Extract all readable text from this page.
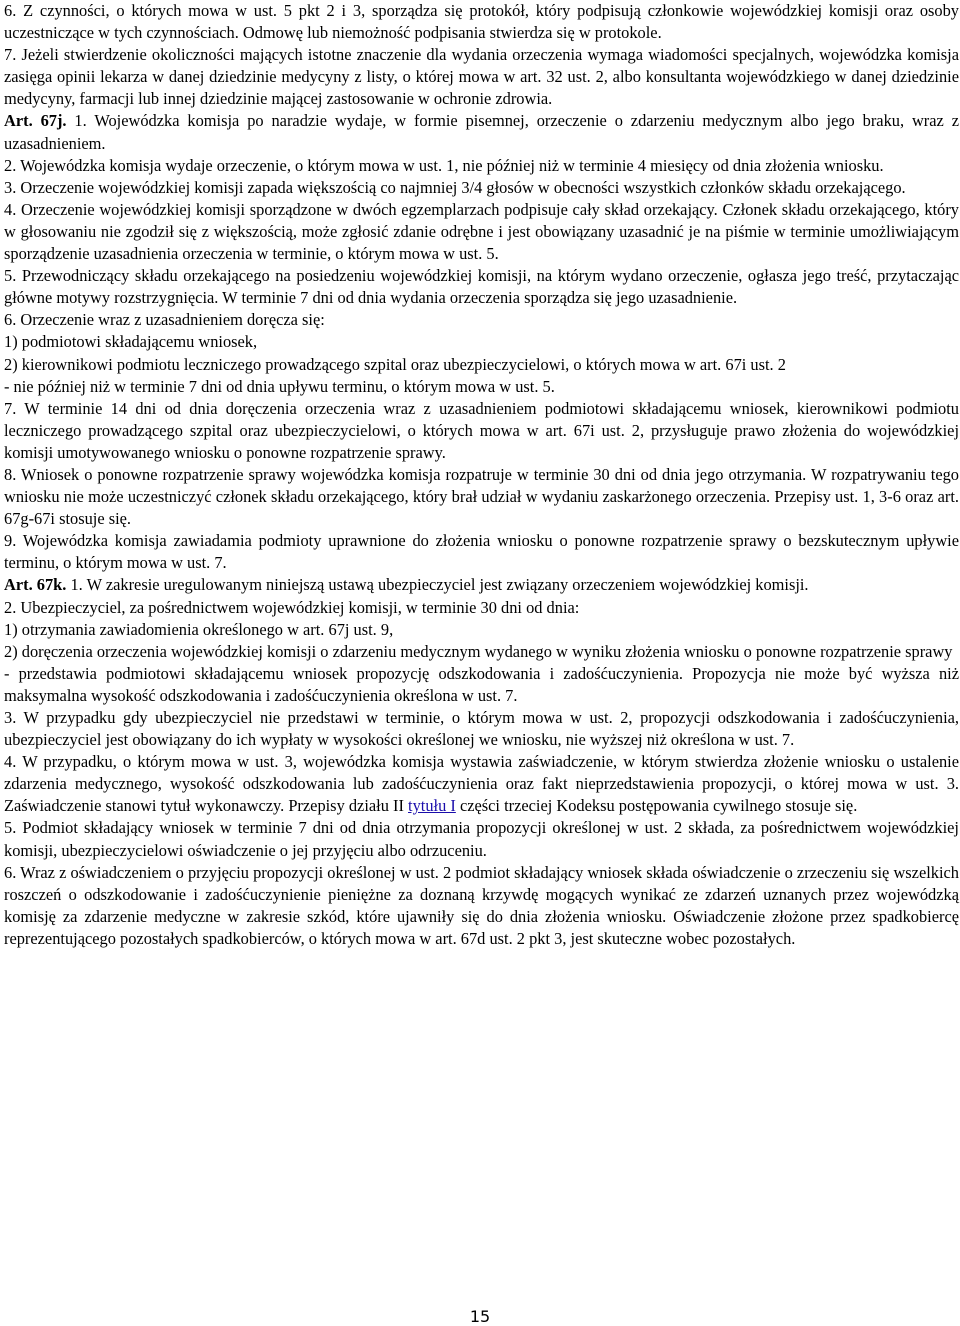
6. Z czynności, o których mowa w ust. 5 pkt 2 i 3, sporządza się protokół, który podpisują członkowie wojewódzkiej komisji oraz osoby uczestniczące w tych czynnościach. Odmowę lub niemożność podpisania stwierdza się w protokole.

7. Jeżeli stwierdzenie okoliczności mających istotne znaczenie dla wydania orzeczenia wymaga wiadomości specjalnych, wojewódzka komisja zasięga opinii lekarza w danej dziedzinie medycyny z listy, o której mowa w art. 32 ust. 2, albo konsultanta wojewódzkiego w danej dziedzinie medycyny, farmacji lub innej dziedzinie mającej zastosowanie w ochronie zdrowia.

Art. 67j. 1. Wojewódzka komisja po naradzie wydaje, w formie pisemnej, orzeczenie o zdarzeniu medycznym albo jego braku, wraz z uzasadnieniem.

2. Wojewódzka komisja wydaje orzeczenie, o którym mowa w ust. 1, nie później niż w terminie 4 miesięcy od dnia złożenia wniosku.

3. Orzeczenie wojewódzkiej komisji zapada większością co najmniej 3/4 głosów w obecności wszystkich członków składu orzekającego.

4. Orzeczenie wojewódzkiej komisji sporządzone w dwóch egzemplarzach podpisuje cały skład orzekający. Członek składu orzekającego, który w głosowaniu nie zgodził się z większością, może zgłosić zdanie odrębne i jest obowiązany uzasadnić je na piśmie w terminie umożliwiającym sporządzenie uzasadnienia orzeczenia w terminie, o którym mowa w ust. 5.

5. Przewodniczący składu orzekającego na posiedzeniu wojewódzkiej komisji, na którym wydano orzeczenie, ogłasza jego treść, przytaczając główne motywy rozstrzygnięcia. W terminie 7 dni od dnia wydania orzeczenia sporządza się jego uzasadnienie.

6. Orzeczenie wraz z uzasadnieniem doręcza się:

1) podmiotowi składającemu wniosek,

2) kierownikowi podmiotu leczniczego prowadzącego szpital oraz ubezpieczycielowi, o których mowa w art. 67i ust. 2

- nie później niż w terminie 7 dni od dnia upływu terminu, o którym mowa w ust. 5.

7. W terminie 14 dni od dnia doręczenia orzeczenia wraz z uzasadnieniem podmiotowi składającemu wniosek, kierownikowi podmiotu leczniczego prowadzącego szpital oraz ubezpieczycielowi, o których mowa w art. 67i ust. 2, przysługuje prawo złożenia do wojewódzkiej komisji umotywowanego wniosku o ponowne rozpatrzenie sprawy.

8. Wniosek o ponowne rozpatrzenie sprawy wojewódzka komisja rozpatruje w terminie 30 dni od dnia jego otrzymania. W rozpatrywaniu tego wniosku nie może uczestniczyć członek składu orzekającego, który brał udział w wydaniu zaskarżonego orzeczenia. Przepisy ust. 1, 3-6 oraz art. 67g-67i stosuje się.

9. Wojewódzka komisja zawiadamia podmioty uprawnione do złożenia wniosku o ponowne rozpatrzenie sprawy o bezskutecznym upływie terminu, o którym mowa w ust. 7.

Art. 67k. 1. W zakresie uregulowanym niniejszą ustawą ubezpieczyciel jest związany orzeczeniem wojewódzkiej komisji.

2. Ubezpieczyciel, za pośrednictwem wojewódzkiej komisji, w terminie 30 dni od dnia:

1) otrzymania zawiadomienia określonego w art. 67j ust. 9,

2) doręczenia orzeczenia wojewódzkiej komisji o zdarzeniu medycznym wydanego w wyniku złożenia wniosku o ponowne rozpatrzenie sprawy

- przedstawia podmiotowi składającemu wniosek propozycję odszkodowania i zadośćuczynienia. Propozycja nie może być wyższa niż maksymalna wysokość odszkodowania i zadośćuczynienia określona w ust. 7.

3. W przypadku gdy ubezpieczyciel nie przedstawi w terminie, o którym mowa w ust. 2, propozycji odszkodowania i zadośćuczynienia, ubezpieczyciel jest obowiązany do ich wypłaty w wysokości określonej we wniosku, nie wyższej niż określona w ust. 7.

4. W przypadku, o którym mowa w ust. 3, wojewódzka komisja wystawia zaświadczenie, w którym stwierdza złożenie wniosku o ustalenie zdarzenia medycznego, wysokość odszkodowania lub zadośćuczynienia oraz fakt nieprzedstawienia propozycji, o której mowa w ust. 3. Zaświadczenie stanowi tytuł wykonawczy. Przepisy działu II tytułu I części trzeciej Kodeksu postępowania cywilnego stosuje się.

5. Podmiot składający wniosek w terminie 7 dni od dnia otrzymania propozycji określonej w ust. 2 składa, za pośrednictwem wojewódzkiej komisji, ubezpieczycielowi oświadczenie o jej przyjęciu albo odrzuceniu.

6. Wraz z oświadczeniem o przyjęciu propozycji określonej w ust. 2 podmiot składający wniosek składa oświadczenie o zrzeczeniu się wszelkich roszczeń o odszkodowanie i zadośćuczynienie pieniężne za doznaną krzywdę mogących wynikać ze zdarzeń uznanych przez wojewódzką komisję za zdarzenie medyczne w zakresie szkód, które ujawniły się do dnia złożenia wniosku. Oświadczenie złożone przez spadkobiercę reprezentującego pozostałych spadkobierców, o których mowa w art. 67d ust. 2 pkt 3, jest skuteczne wobec pozostałych.

15
